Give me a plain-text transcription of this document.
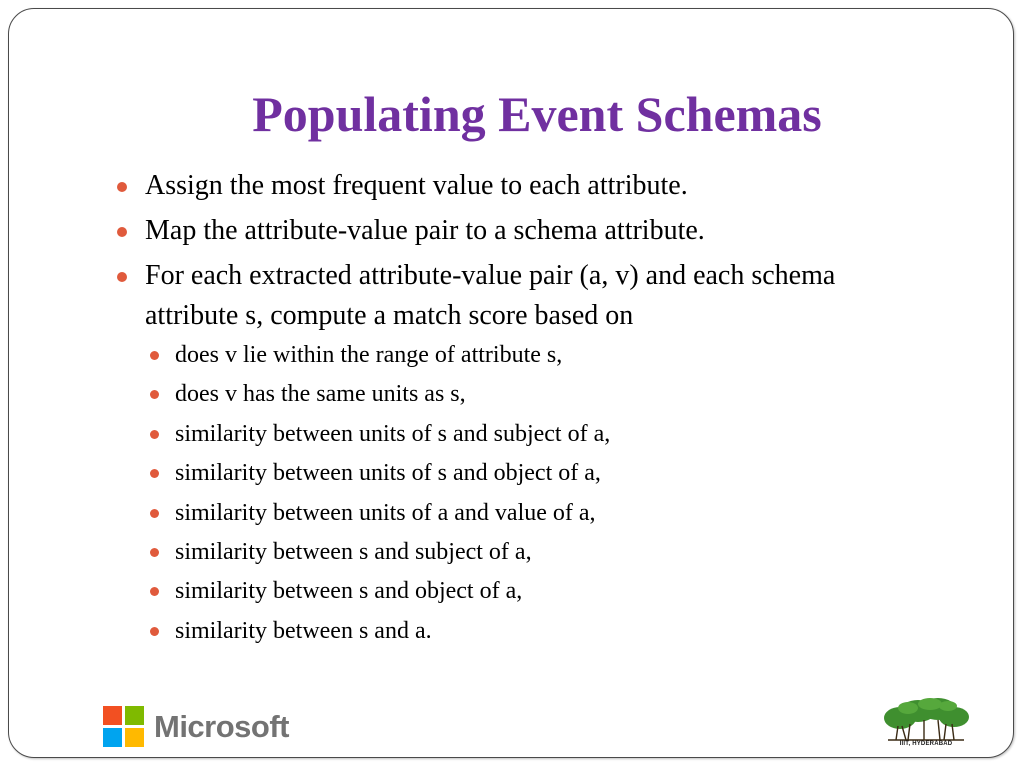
Populating Event Schemas
Assign the most frequent value to each attribute.
Map the attribute-value pair to a schema attribute.
For each extracted attribute-value pair (a, v) and each schema attribute s, compute a match score based on
does v lie within the range of attribute s,
does v has the same units as s,
similarity between units of s and subject of a,
similarity between units of s and object of a,
similarity between units of a and value of a,
similarity between s and subject of a,
similarity between s and object of a,
similarity between s and a.
Microsoft
IIIT, HYDERABAD
